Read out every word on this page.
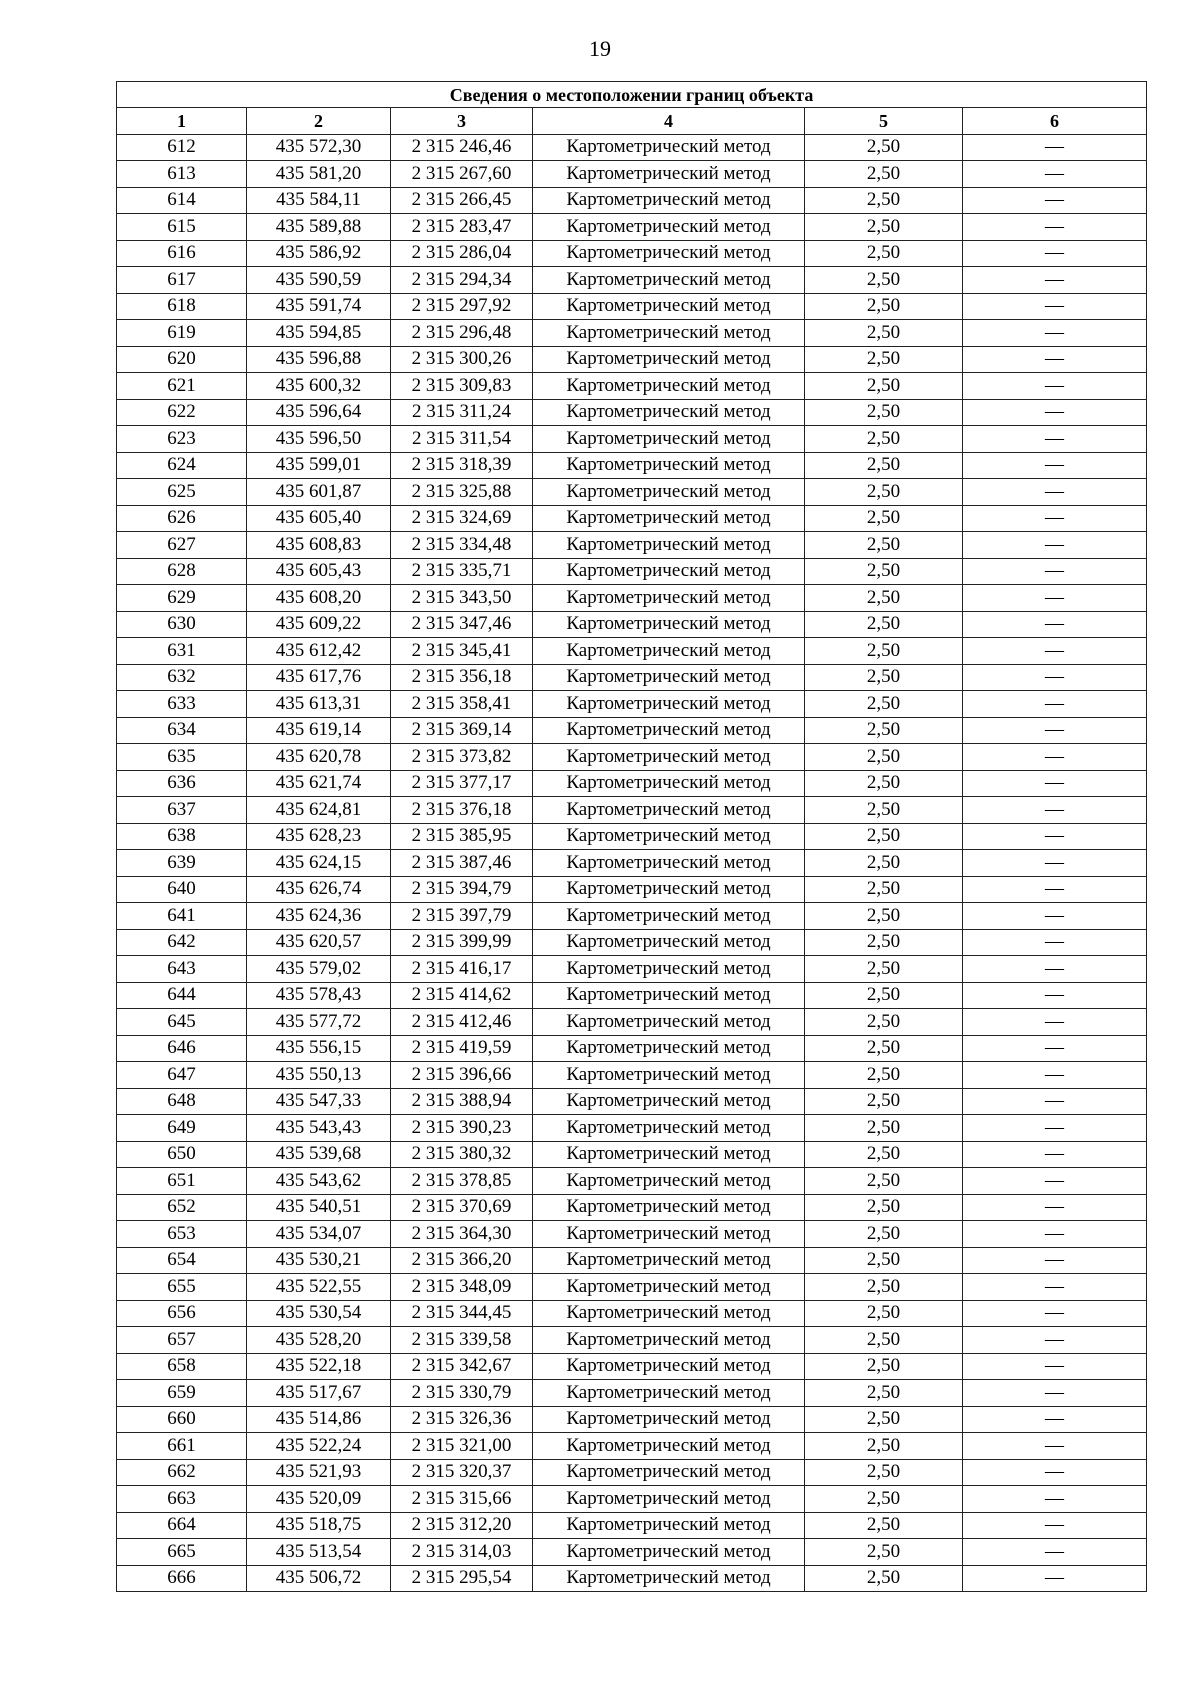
19
Сведения о местоположении границ объекта					
1	2	3	4	5	6
612	435 572,30	2 315 246,46	Картометрический метод	2,50	—
613	435 581,20	2 315 267,60	Картометрический метод	2,50	—
614	435 584,11	2 315 266,45	Картометрический метод	2,50	—
615	435 589,88	2 315 283,47	Картометрический метод	2,50	—
616	435 586,92	2 315 286,04	Картометрический метод	2,50	—
617	435 590,59	2 315 294,34	Картометрический метод	2,50	—
618	435 591,74	2 315 297,92	Картометрический метод	2,50	—
619	435 594,85	2 315 296,48	Картометрический метод	2,50	—
620	435 596,88	2 315 300,26	Картометрический метод	2,50	—
621	435 600,32	2 315 309,83	Картометрический метод	2,50	—
622	435 596,64	2 315 311,24	Картометрический метод	2,50	—
623	435 596,50	2 315 311,54	Картометрический метод	2,50	—
624	435 599,01	2 315 318,39	Картометрический метод	2,50	—
625	435 601,87	2 315 325,88	Картометрический метод	2,50	—
626	435 605,40	2 315 324,69	Картометрический метод	2,50	—
627	435 608,83	2 315 334,48	Картометрический метод	2,50	—
628	435 605,43	2 315 335,71	Картометрический метод	2,50	—
629	435 608,20	2 315 343,50	Картометрический метод	2,50	—
630	435 609,22	2 315 347,46	Картометрический метод	2,50	—
631	435 612,42	2 315 345,41	Картометрический метод	2,50	—
632	435 617,76	2 315 356,18	Картометрический метод	2,50	—
633	435 613,31	2 315 358,41	Картометрический метод	2,50	—
634	435 619,14	2 315 369,14	Картометрический метод	2,50	—
635	435 620,78	2 315 373,82	Картометрический метод	2,50	—
636	435 621,74	2 315 377,17	Картометрический метод	2,50	—
637	435 624,81	2 315 376,18	Картометрический метод	2,50	—
638	435 628,23	2 315 385,95	Картометрический метод	2,50	—
639	435 624,15	2 315 387,46	Картометрический метод	2,50	—
640	435 626,74	2 315 394,79	Картометрический метод	2,50	—
641	435 624,36	2 315 397,79	Картометрический метод	2,50	—
642	435 620,57	2 315 399,99	Картометрический метод	2,50	—
643	435 579,02	2 315 416,17	Картометрический метод	2,50	—
644	435 578,43	2 315 414,62	Картометрический метод	2,50	—
645	435 577,72	2 315 412,46	Картометрический метод	2,50	—
646	435 556,15	2 315 419,59	Картометрический метод	2,50	—
647	435 550,13	2 315 396,66	Картометрический метод	2,50	—
648	435 547,33	2 315 388,94	Картометрический метод	2,50	—
649	435 543,43	2 315 390,23	Картометрический метод	2,50	—
650	435 539,68	2 315 380,32	Картометрический метод	2,50	—
651	435 543,62	2 315 378,85	Картометрический метод	2,50	—
652	435 540,51	2 315 370,69	Картометрический метод	2,50	—
653	435 534,07	2 315 364,30	Картометрический метод	2,50	—
654	435 530,21	2 315 366,20	Картометрический метод	2,50	—
655	435 522,55	2 315 348,09	Картометрический метод	2,50	—
656	435 530,54	2 315 344,45	Картометрический метод	2,50	—
657	435 528,20	2 315 339,58	Картометрический метод	2,50	—
658	435 522,18	2 315 342,67	Картометрический метод	2,50	—
659	435 517,67	2 315 330,79	Картометрический метод	2,50	—
660	435 514,86	2 315 326,36	Картометрический метод	2,50	—
661	435 522,24	2 315 321,00	Картометрический метод	2,50	—
662	435 521,93	2 315 320,37	Картометрический метод	2,50	—
663	435 520,09	2 315 315,66	Картометрический метод	2,50	—
664	435 518,75	2 315 312,20	Картометрический метод	2,50	—
665	435 513,54	2 315 314,03	Картометрический метод	2,50	—
666	435 506,72	2 315 295,54	Картометрический метод	2,50	—
